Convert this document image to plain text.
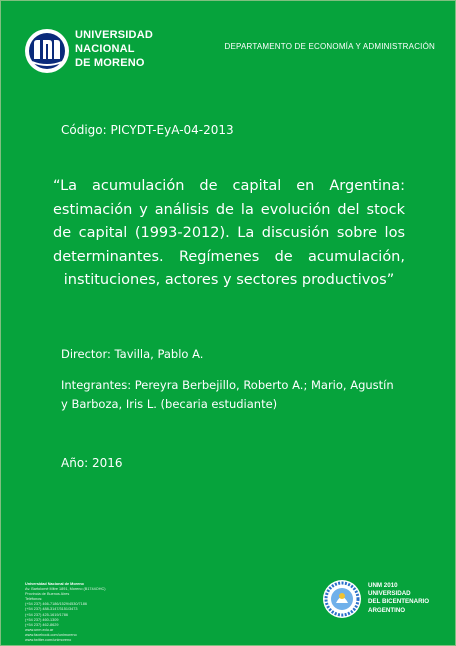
UNIVERSIDAD
NACIONAL
DE MORENO
DEPARTAMENTO DE ECONOMÍA Y ADMINISTRACIÓN
Código: PICYDT-EyA-04-2013
“La acumulación de capital en Argentina: estimación y análisis de la evolución del stock de capital (1993-2012). La discusión sobre los determinantes. Regímenes de acumulación, instituciones, actores y sectores productivos”
Director: Tavilla, Pablo A.
Integrantes: Pereyra Berbejillo, Roberto A.; Mario, Agustín y Barboza, Iris L. (becaria estudiante)
Año: 2016
Universidad Nacional de Moreno
Av. Bartolomé Mitre 1891, Moreno (B1744OHC)
Provincia de Buenos Aires
Teléfonos:
(+54 237) 466-7186/1529/4530/7186
(+54 237) 488-3147/3151/3473
(+54 237) 425-1619/1786
(+54 237) 460-1309
(+54 237) 462-8629
www.unm.edu.ar
www.facebook.com/unimoreno
www.twitter.com/unimoreno
UNM 2010
UNIVERSIDAD
DEL BICENTENARIO
ARGENTINO
